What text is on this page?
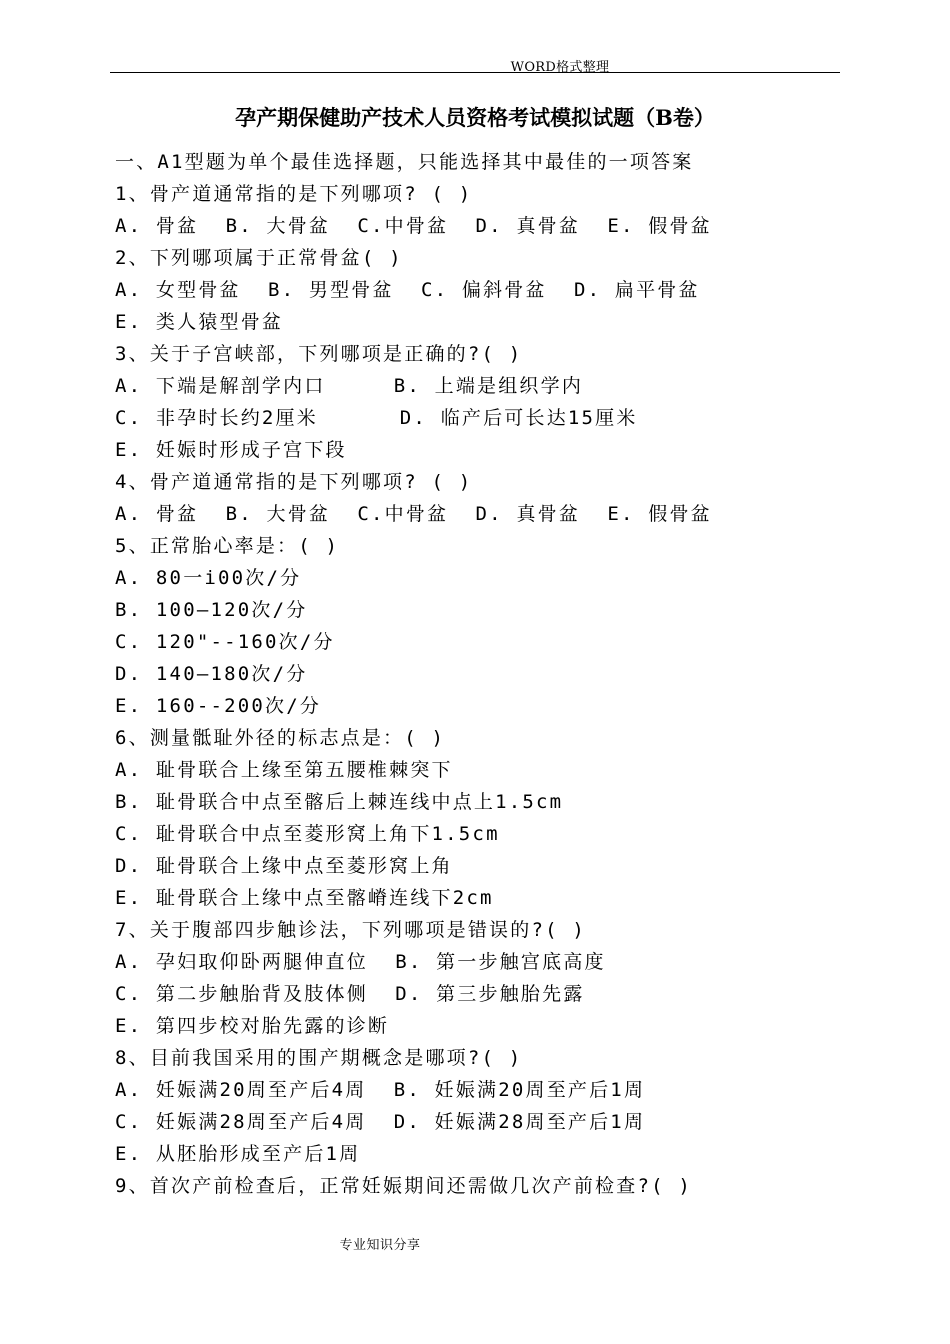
WORD格式整理
孕产期保健助产技术人员资格考试模拟试题（B卷）
一、A1型题为单个最佳选择题，只能选择其中最佳的一项答案
1、骨产道通常指的是下列哪项? ( )
A. 骨盆  B. 大骨盆  C.中骨盆  D. 真骨盆  E. 假骨盆
2、下列哪项属于正常骨盆( )
A. 女型骨盆  B. 男型骨盆  C. 偏斜骨盆  D. 扁平骨盆
E. 类人猿型骨盆
3、关于子宫峡部，下列哪项是正确的?( )
A. 下端是解剖学内口     B. 上端是组织学内
C. 非孕时长约2厘米      D. 临产后可长达15厘米
E. 妊娠时形成子宫下段
4、骨产道通常指的是下列哪项? ( )
A. 骨盆  B. 大骨盆  C.中骨盆  D. 真骨盆  E. 假骨盆
5、正常胎心率是：( )
A. 80一i00次/分
B. 100—120次/分
C. 120"--160次/分
D. 140—180次/分
E. 160--200次/分
6、测量骶耻外径的标志点是：( )
A. 耻骨联合上缘至第五腰椎棘突下
B. 耻骨联合中点至髂后上棘连线中点上1.5cm
C. 耻骨联合中点至菱形窝上角下1.5cm
D. 耻骨联合上缘中点至菱形窝上角
E. 耻骨联合上缘中点至髂嵴连线下2cm
7、关于腹部四步触诊法，下列哪项是错误的?( )
A. 孕妇取仰卧两腿伸直位  B. 第一步触宫底高度
C. 第二步触胎背及肢体侧  D. 第三步触胎先露
E. 第四步校对胎先露的诊断
8、目前我国采用的围产期概念是哪项?( )
A. 妊娠满20周至产后4周  B. 妊娠满20周至产后1周
C. 妊娠满28周至产后4周  D. 妊娠满28周至产后1周
E. 从胚胎形成至产后1周
9、首次产前检查后，正常妊娠期间还需做几次产前检查?( )
专业知识分享
